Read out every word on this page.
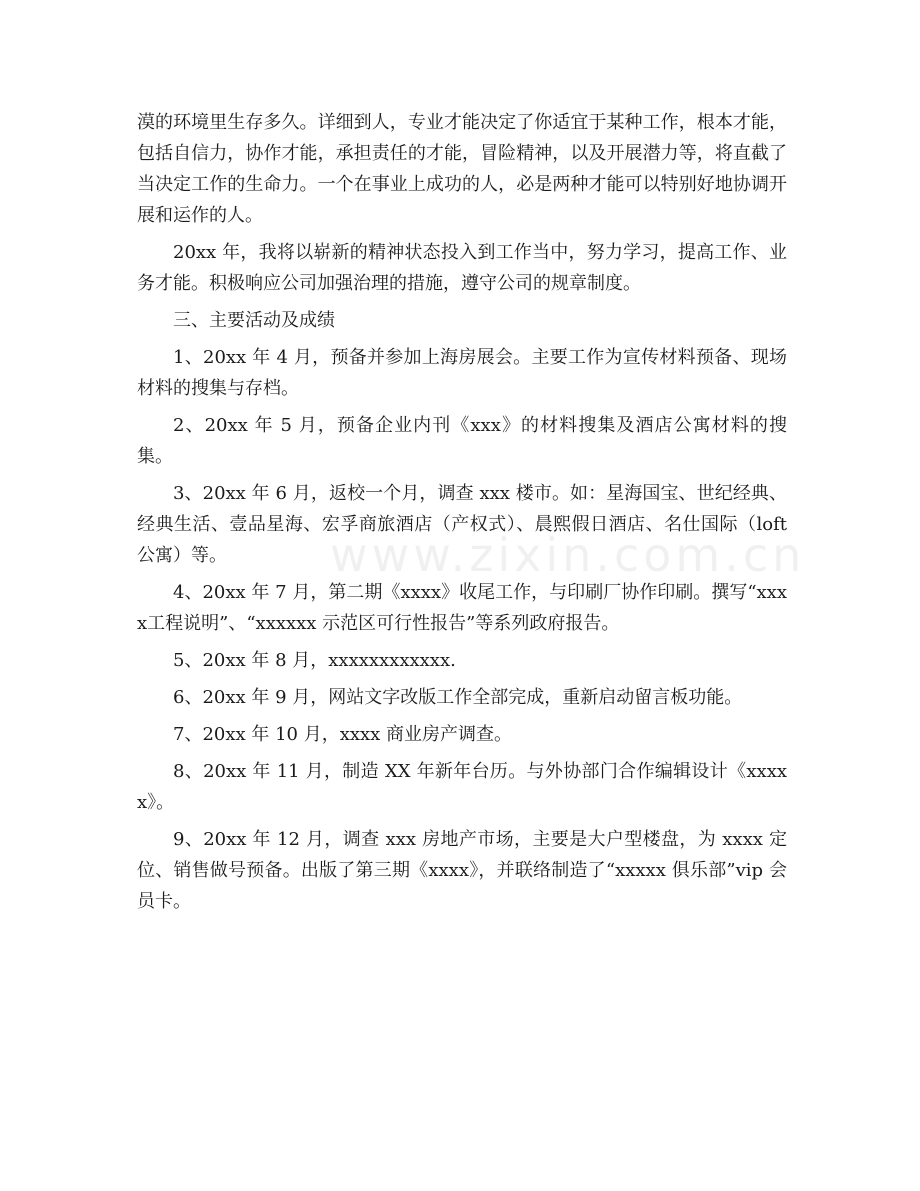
漠的环境里生存多久。详细到人，专业才能决定了你适宜于某种工作，根本才能，包括自信力，协作才能，承担责任的才能，冒险精神，以及开展潜力等，将直截了当决定工作的生命力。一个在事业上成功的人，必是两种才能可以特别好地协调开展和运作的人。

20xx 年，我将以崭新的精神状态投入到工作当中，努力学习，提高工作、业务才能。积极响应公司加强治理的措施，遵守公司的规章制度。

三、主要活动及成绩

1、20xx 年 4 月，预备并参加上海房展会。主要工作为宣传材料预备、现场材料的搜集与存档。

2、20xx 年 5 月，预备企业内刊《xxx》的材料搜集及酒店公寓材料的搜集。

3、20xx 年 6 月，返校一个月，调查 xxx 楼市。如：星海国宝、世纪经典、经典生活、壹品星海、宏孚商旅酒店（产权式）、晨熙假日酒店、名仕国际（loft 公寓）等。

4、20xx 年 7 月，第二期《xxxx》收尾工作，与印刷厂协作印刷。撰写“xxxx工程说明”、“xxxxxx 示范区可行性报告”等系列政府报告。

5、20xx 年 8 月，xxxxxxxxxxxx.

6、20xx 年 9 月，网站文字改版工作全部完成，重新启动留言板功能。

7、20xx 年 10 月，xxxx 商业房产调查。

8、20xx 年 11 月，制造 XX 年新年台历。与外协部门合作编辑设计《xxxxx》。

9、20xx 年 12 月，调查 xxx 房地产市场，主要是大户型楼盘，为 xxxx 定位、销售做号预备。出版了第三期《xxxx》，并联络制造了“xxxxx 俱乐部”vip 会员卡。

www.zixin.com.cn
